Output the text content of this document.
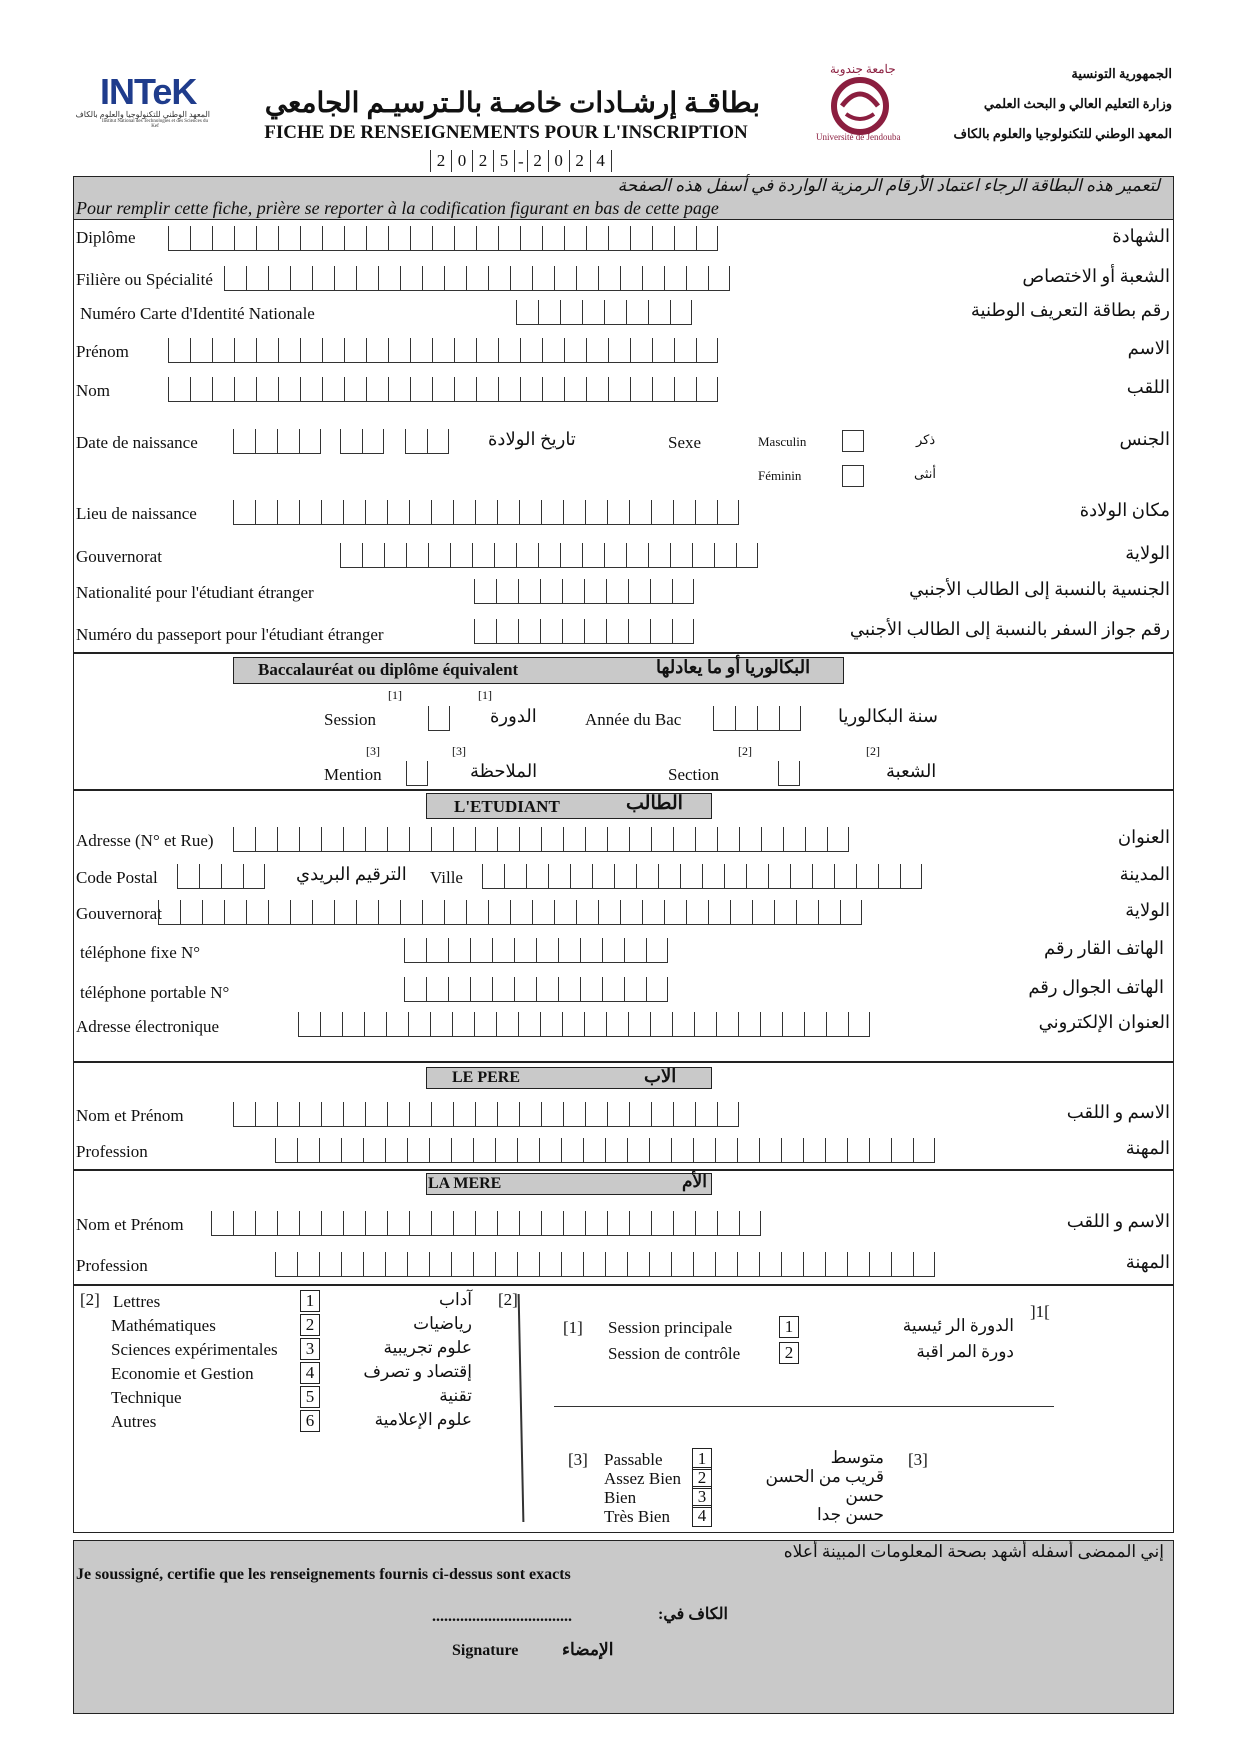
INTeK
المعهد الوطني للتكنولوجيا والعلوم بالكاف
Institut National des Technologies et des Sciences du Kef
بطاقـة إرشـادات خاصـة بالـترسيـم الجامعي
FICHE DE RENSEIGNEMENTS POUR L'INSCRIPTION
2 0 2 5 - 2 0 2 4
جامعة جندوبة
Université de Jendouba
الجمهورية التونسية
وزارة التعليم العالي و البحث العلمي
المعهد الوطني للتكنولوجيا والعلوم بالكاف
لتعمير هذه البطاقة الرجاء اعتماد الأرقام الرمزية الواردة في أسفل هذه الصفحة
Pour remplir cette fiche, prière se reporter à la codification figurant en bas de cette page
Diplôme	الشهادة
Filière ou Spécialité	الشعبة أو الاختصاص
Numéro Carte d'Identité Nationale	رقم بطاقة التعريف الوطنية
Prénom	الاسم
Nom	اللقب
Date de naissance	تاريخ الولادة	Sexe	Masculin	ذكر
Féminin	أنثى
الجنس
Lieu de naissance	مكان الولادة
Gouvernorat	الولاية
Nationalité pour l'étudiant étranger	الجنسية بالنسبة إلى الطالب الأجنبي
Numéro du passeport pour l'étudiant étranger	رقم جواز السفر بالنسبة إلى الطالب الأجنبي
Baccalauréat ou diplôme équivalent	البكالوريا أو ما يعادلها
[1]	[1]
Session	الدورة	Année du Bac	سنة البكالوريا
[3]	[3]	[2]	[2]
Mention	الملاحظة	Section	الشعبة
L'ETUDIANT	الطالب
Adresse (N° et Rue)	العنوان
Code Postal	الترقيم البريدي Ville	المدينة
Gouvernorat	الولاية
téléphone fixe N°	الهاتف القار رقم
téléphone portable N°	الهاتف الجوال رقم
Adresse électronique	العنوان الإلكتروني
LE PERE	الاب
Nom et Prénom	الاسم و اللقب
Profession	المهنة
LA MERE	الأم
Nom et Prénom	الاسم و اللقب
Profession	المهنة
[2]	[2]
Lettres	1	آداب
Mathématiques	2	رياضيات
Sciences expérimentales	3	علوم تجريبية
Economie et Gestion	4	إقتصاد و تصرف
Technique	5	تقنية
Autres	6	علوم الإعلامية
[1]
]1[
Session principale	1	الدورة الر ئيسية
Session de contrôle	2	دورة المر اقبة
[3]	[3]
Passable	1	متوسط
Assez Bien 2	قريب من الحسن
Bien	3	حسن
Très Bien	4	حسن جدا
إني الممضى أسفله أشهد بصحة المعلومات المبينة أعلاه
Je soussigné, certifie que les renseignements fournis ci-dessus sont exacts
...................................	الكاف في:
Signature	الإمضاء
